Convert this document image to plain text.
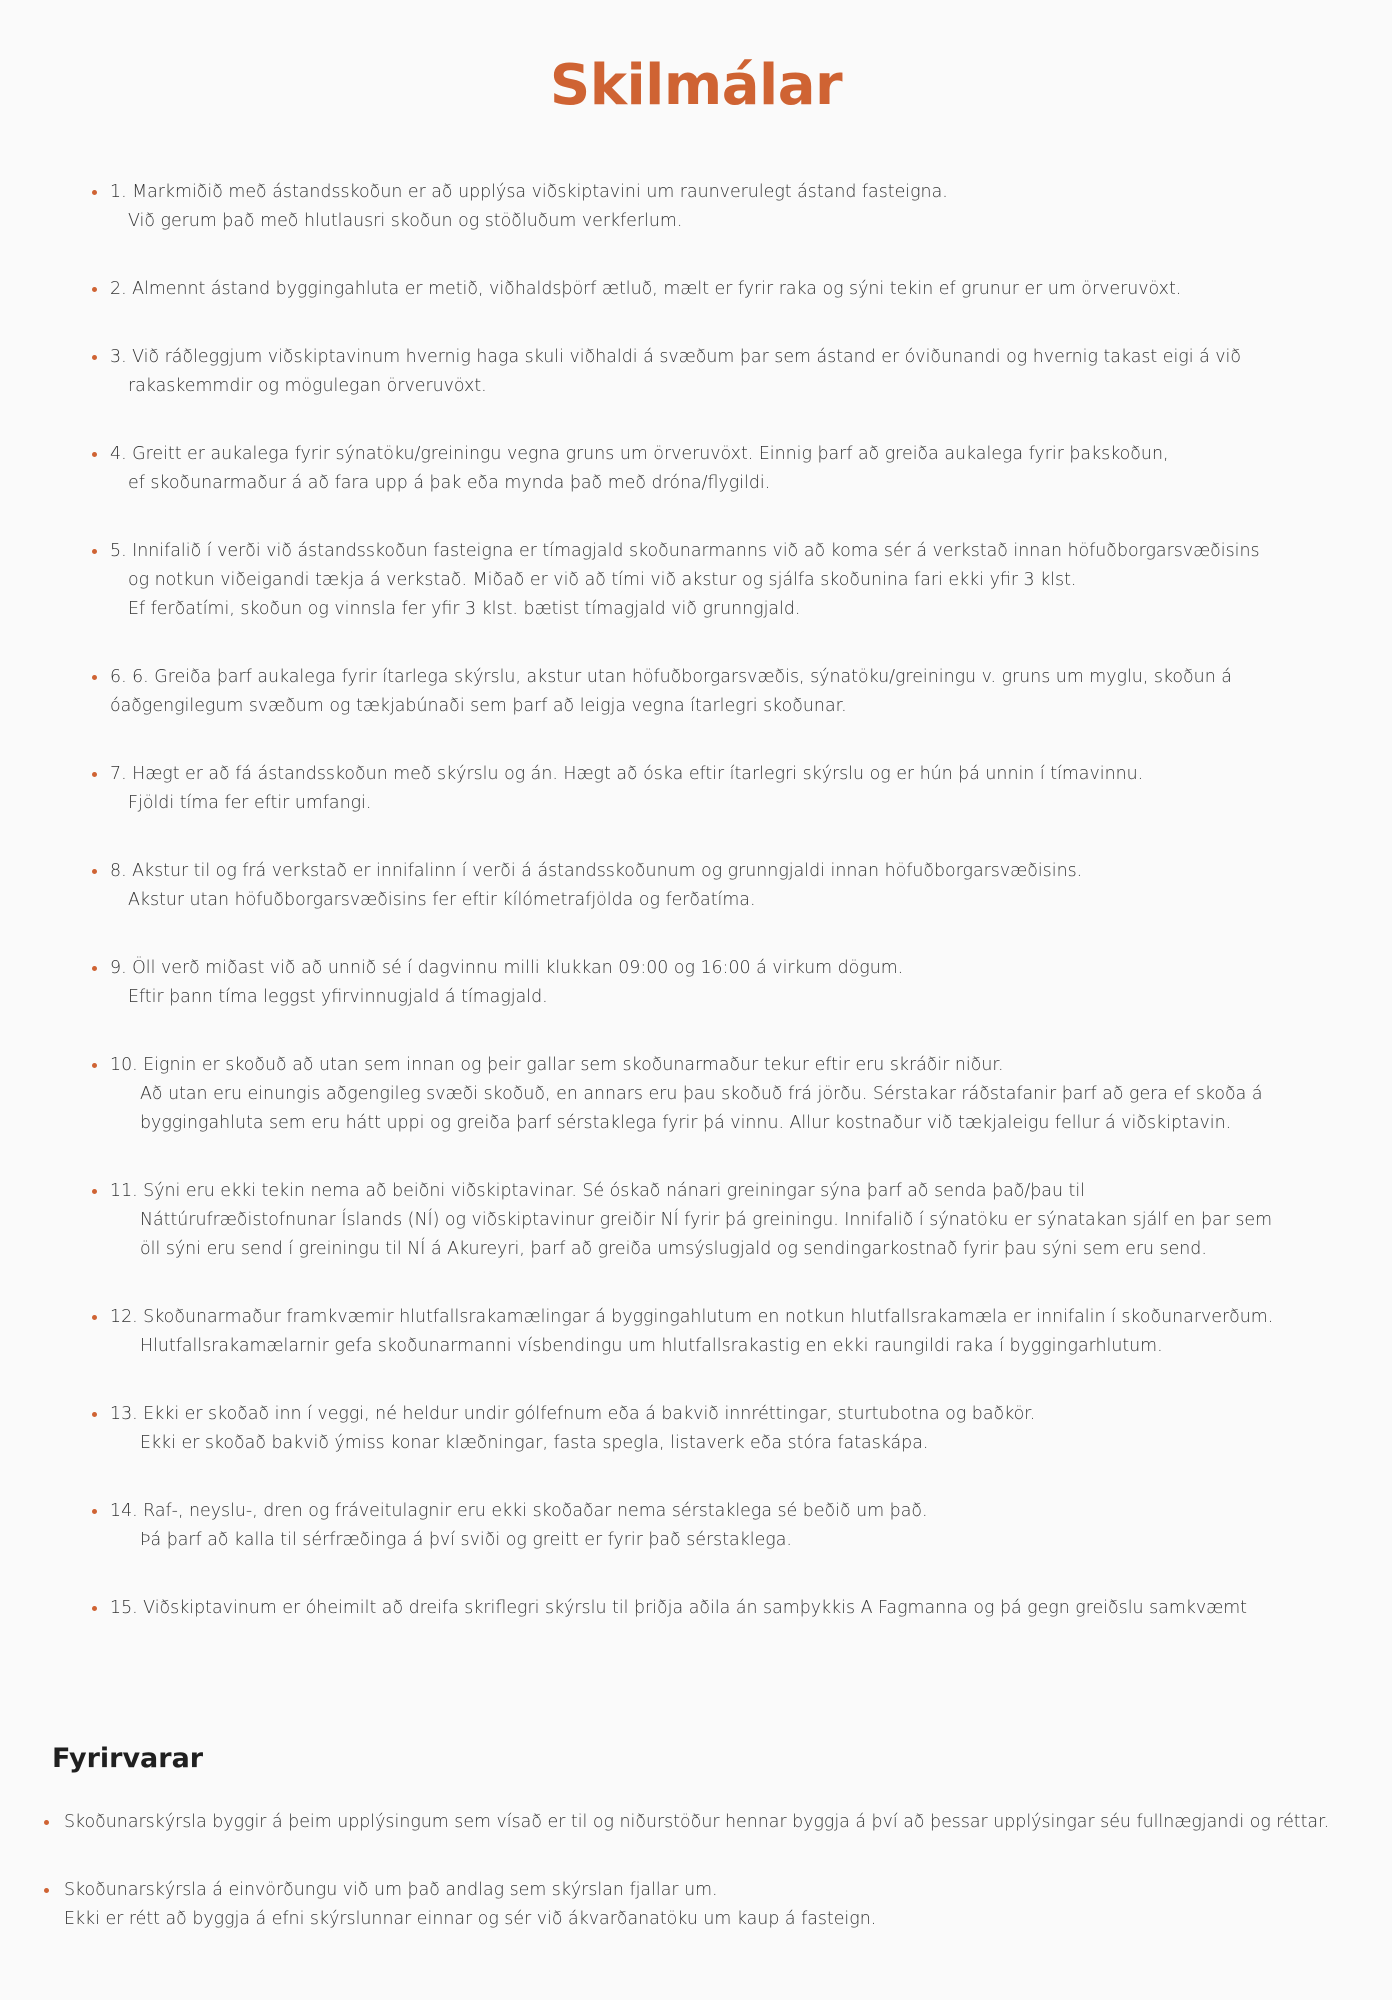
Skilmálar
1. Markmiðið með ástandsskoðun er að upplýsa viðskiptavini um raunverulegt ástand fasteigna.
Við gerum það með hlutlausri skoðun og stöðluðum verkferlum.
2. Almennt ástand byggingahluta er metið, viðhaldsþörf ætluð, mælt er fyrir raka og sýni tekin ef grunur er um örveruvöxt.
3. Við ráðleggjum viðskiptavinum hvernig haga skuli viðhaldi á svæðum þar sem ástand er óviðunandi og hvernig takast eigi á við
rakaskemmdir og mögulegan örveruvöxt.
4. Greitt er aukalega fyrir sýnatöku/greiningu vegna gruns um örveruvöxt. Einnig þarf að greiða aukalega fyrir þakskoðun,
ef skoðunarmaður á að fara upp á þak eða mynda það með dróna/flygildi.
5. Innifalið í verði við ástandsskoðun fasteigna er tímagjald skoðunarmanns við að koma sér á verkstað innan höfuðborgarsvæðisins
og notkun viðeigandi tækja á verkstað. Miðað er við að tími við akstur og sjálfa skoðunina fari ekki yfir 3 klst.
Ef ferðatími, skoðun og vinnsla fer yfir 3 klst. bætist tímagjald við grunngjald.
6. 6. Greiða þarf aukalega fyrir ítarlega skýrslu, akstur utan höfuðborgarsvæðis, sýnatöku/greiningu v. gruns um myglu, skoðun á
óaðgengilegum svæðum og tækjabúnaði sem þarf að leigja vegna ítarlegri skoðunar.
7. Hægt er að fá ástandsskoðun með skýrslu og án. Hægt að óska eftir ítarlegri skýrslu og er hún þá unnin í tímavinnu.
Fjöldi tíma fer eftir umfangi.
8. Akstur til og frá verkstað er innifalinn í verði á ástandsskoðunum og grunngjaldi innan höfuðborgarsvæðisins.
Akstur utan höfuðborgarsvæðisins fer eftir kílómetrafjölda og ferðatíma.
9. Öll verð miðast við að unnið sé í dagvinnu milli klukkan 09:00 og 16:00 á virkum dögum.
Eftir þann tíma leggst yfirvinnugjald á tímagjald.
10. Eignin er skoðuð að utan sem innan og þeir gallar sem skoðunarmaður tekur eftir eru skráðir niður.
Að utan eru einungis aðgengileg svæði skoðuð, en annars eru þau skoðuð frá jörðu. Sérstakar ráðstafanir þarf að gera ef skoða á
byggingahluta sem eru hátt uppi og greiða þarf sérstaklega fyrir þá vinnu. Allur kostnaður við tækjaleigu fellur á viðskiptavin.
11. Sýni eru ekki tekin nema að beiðni viðskiptavinar. Sé óskað nánari greiningar sýna þarf að senda það/þau til
Náttúrufræðistofnunar Íslands (NÍ) og viðskiptavinur greiðir NÍ fyrir þá greiningu. Innifalið í sýnatöku er sýnatakan sjálf en þar sem
öll sýni eru send í greiningu til NÍ á Akureyri, þarf að greiða umsýslugjald og sendingarkostnað fyrir þau sýni sem eru send.
12. Skoðunarmaður framkvæmir hlutfallsrakamælingar á byggingahlutum en notkun hlutfallsrakamæla er innifalin í skoðunarverðum.
Hlutfallsrakamælarnir gefa skoðunarmanni vísbendingu um hlutfallsrakastig en ekki raungildi raka í byggingarhlutum.
13. Ekki er skoðað inn í veggi, né heldur undir gólfefnum eða á bakvið innréttingar, sturtubotna og baðkör.
Ekki er skoðað bakvið ýmiss konar klæðningar, fasta spegla, listaverk eða stóra fataskápa.
14. Raf-, neyslu-, dren og fráveitulagnir eru ekki skoðaðar nema sérstaklega sé beðið um það.
Þá þarf að kalla til sérfræðinga á því sviði og greitt er fyrir það sérstaklega.
15. Viðskiptavinum er óheimilt að dreifa skriflegri skýrslu til þriðja aðila án samþykkis A Fagmanna og þá gegn greiðslu samkvæmt
Fyrirvarar
Skoðunarskýrsla byggir á þeim upplýsingum sem vísað er til og niðurstöður hennar byggja á því að þessar upplýsingar séu fullnægjandi og réttar.
Skoðunarskýrsla á einvörðungu við um það andlag sem skýrslan fjallar um.
Ekki er rétt að byggja á efni skýrslunnar einnar og sér við ákvarðanatöku um kaup á fasteign.
